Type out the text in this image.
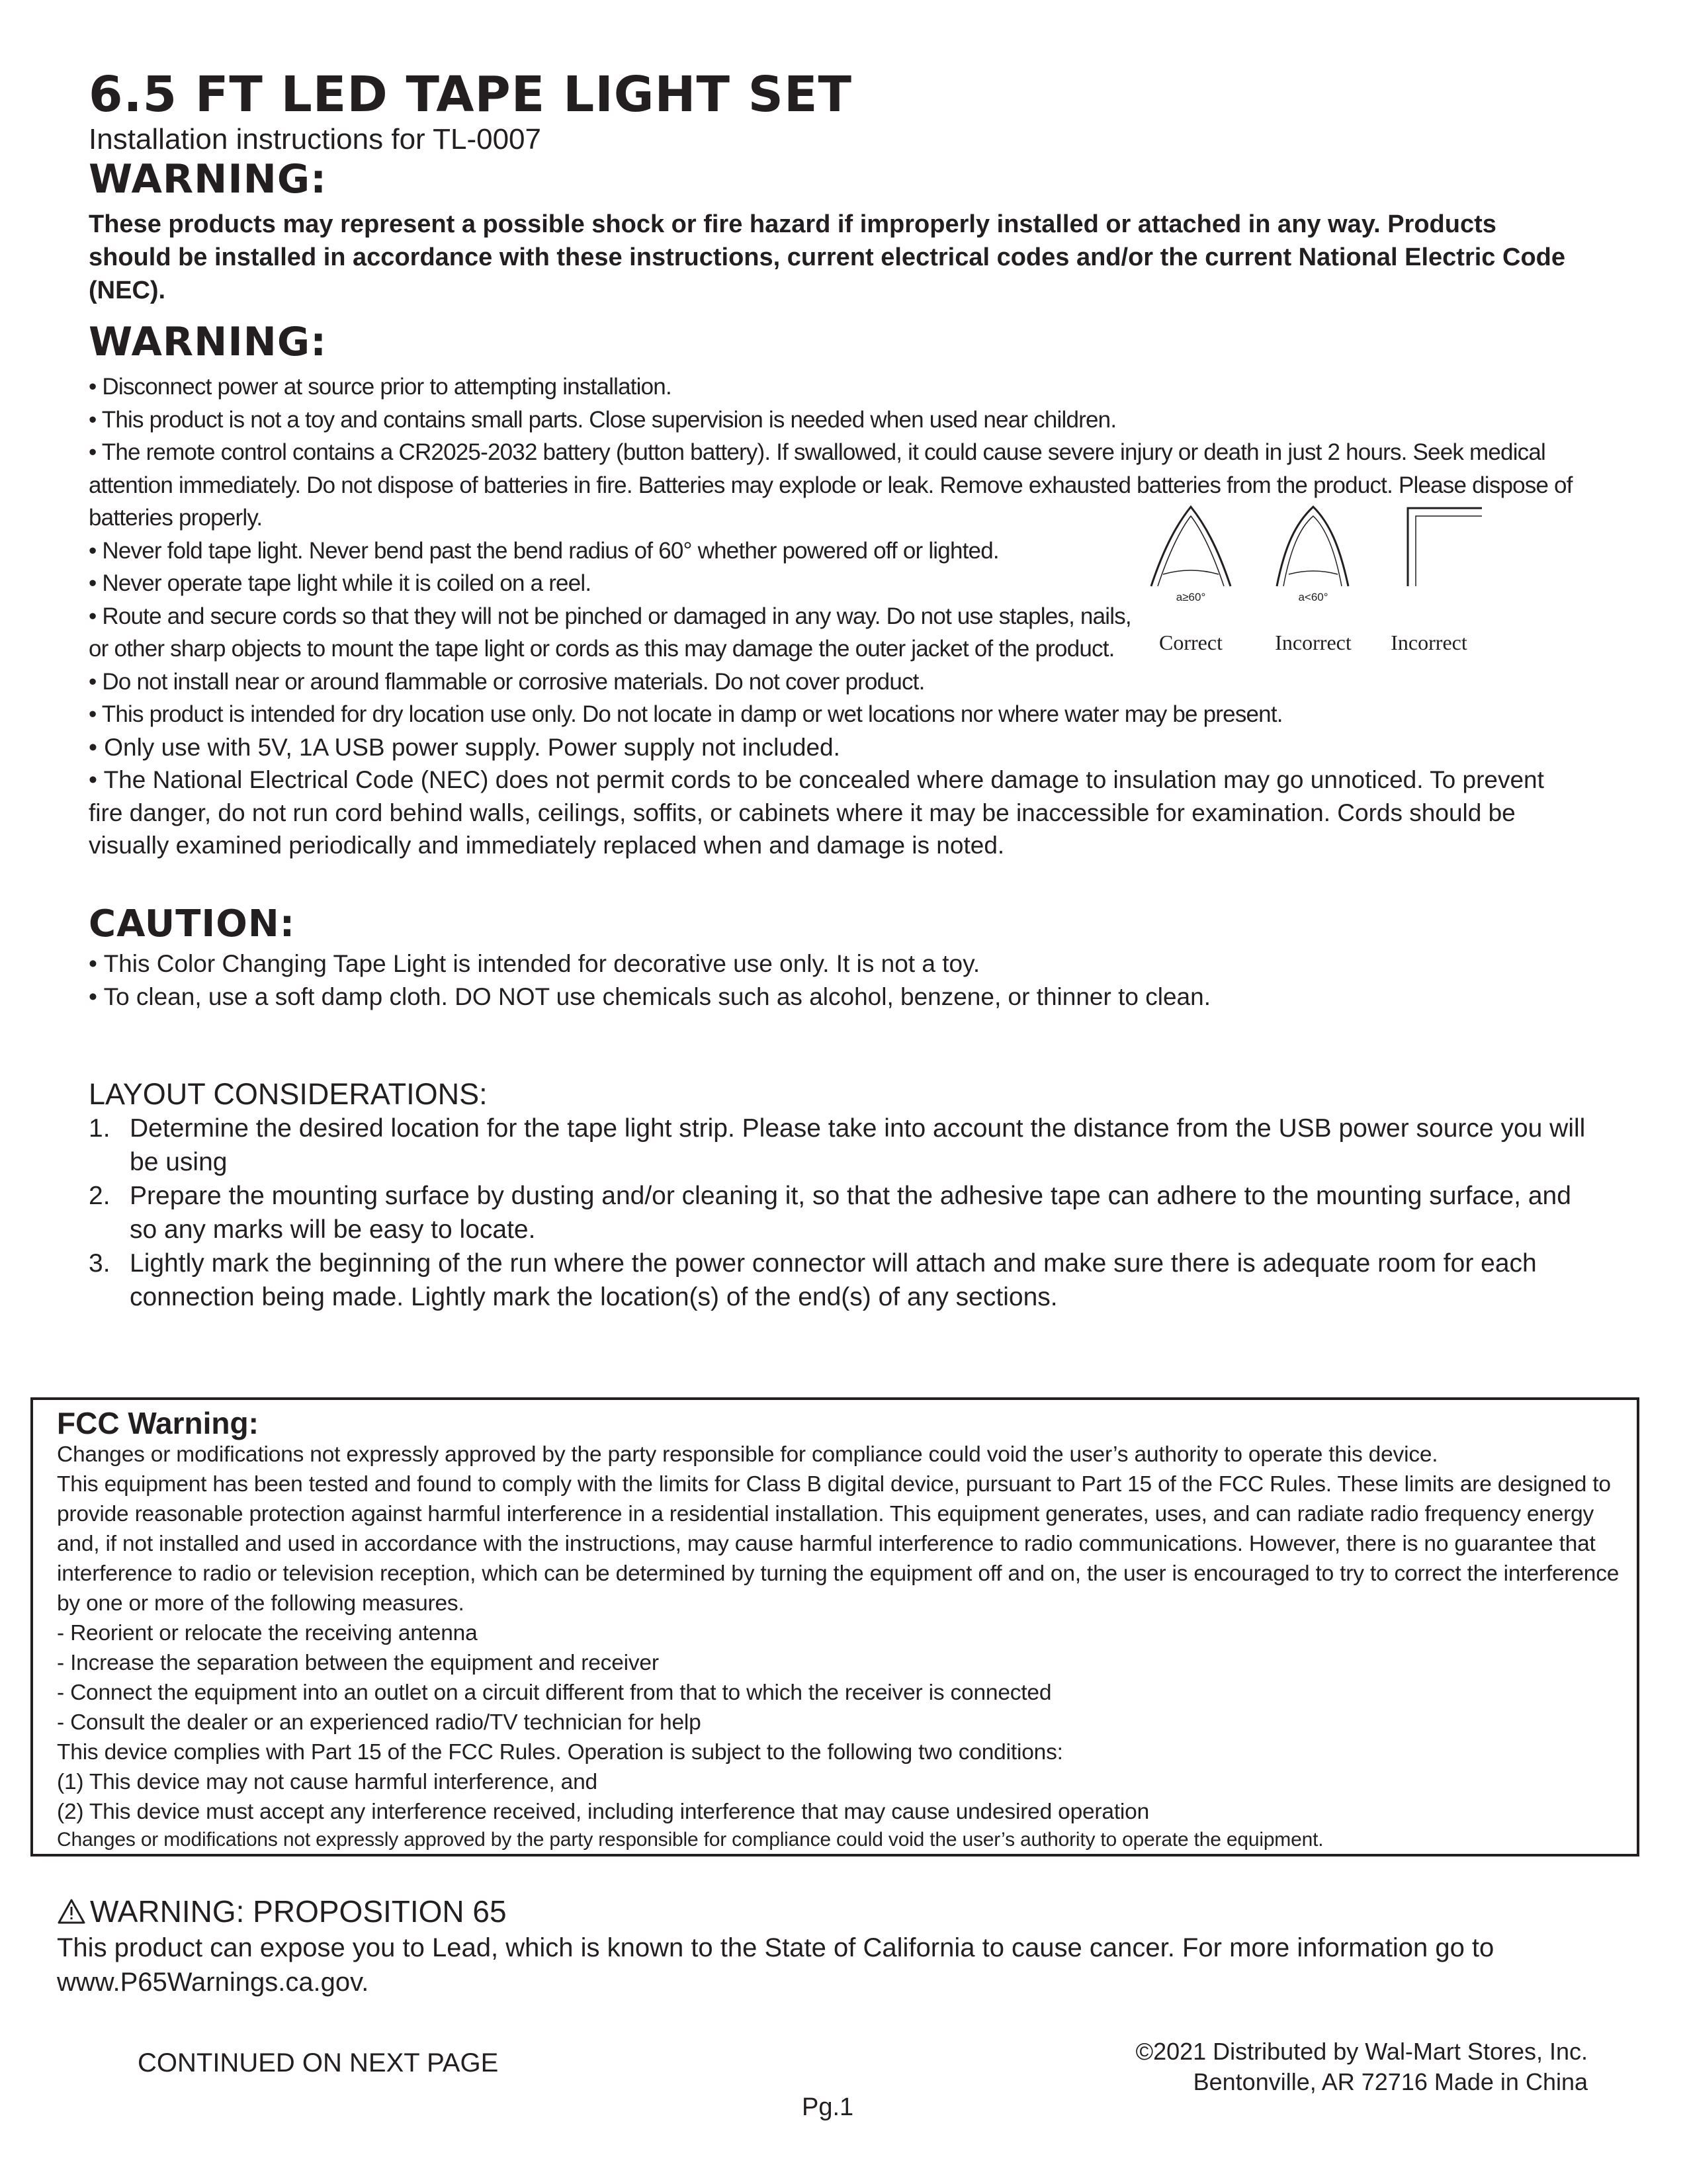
6.5 FT LED TAPE LIGHT SET
Installation instructions for TL-0007
WARNING:
These products may represent a possible shock or fire hazard if improperly installed or attached in any way. Products should be installed in accordance with these instructions, current electrical codes and/or the current National Electric Code (NEC).
WARNING:
• Disconnect power at source prior to attempting installation.
• This product is not a toy and contains small parts. Close supervision is needed when used near children.
• The remote control contains a CR2025-2032 battery (button battery). If swallowed, it could cause severe injury or death in just 2 hours. Seek medical attention immediately. Do not dispose of batteries in fire. Batteries may explode or leak. Remove exhausted batteries from the product. Please dispose of batteries properly.
• Never fold tape light. Never bend past the bend radius of 60° whether powered off or lighted.
• Never operate tape light while it is coiled on a reel.
• Route and secure cords so that they will not be pinched or damaged in any way. Do not use staples, nails, or other sharp objects to mount the tape light or cords as this may damage the outer jacket of the product.
• Do not install near or around flammable or corrosive materials. Do not cover product.
• This product is intended for dry location use only. Do not locate in damp or wet locations nor where water may be present.
• Only use with 5V, 1A USB power supply. Power supply not included.
• The National Electrical Code (NEC) does not permit cords to be concealed where damage to insulation may go unnoticed. To prevent fire danger, do not run cord behind walls, ceilings, soffits, or cabinets where it may be inaccessible for examination. Cords should be visually examined periodically and immediately replaced when and damage is noted.
a≥60°	a<60°
Correct Incorrect Incorrect
CAUTION:
• This Color Changing Tape Light is intended for decorative use only. It is not a toy.
• To clean, use a soft damp cloth. DO NOT use chemicals such as alcohol, benzene, or thinner to clean.
LAYOUT CONSIDERATIONS:
1. Determine the desired location for the tape light strip. Please take into account the distance from the USB power source you will be using
2. Prepare the mounting surface by dusting and/or cleaning it, so that the adhesive tape can adhere to the mounting surface, and so any marks will be easy to locate.
3. Lightly mark the beginning of the run where the power connector will attach and make sure there is adequate room for each connection being made. Lightly mark the location(s) of the end(s) of any sections.
FCC Warning:
Changes or modifications not expressly approved by the party responsible for compliance could void the user’s authority to operate this device.
This equipment has been tested and found to comply with the limits for Class B digital device, pursuant to Part 15 of the FCC Rules. These limits are designed to provide reasonable protection against harmful interference in a residential installation. This equipment generates, uses, and can radiate radio frequency energy and, if not installed and used in accordance with the instructions, may cause harmful interference to radio communications. However, there is no guarantee that interference to radio or television reception, which can be determined by turning the equipment off and on, the user is encouraged to try to correct the interference by one or more of the following measures.
- Reorient or relocate the receiving antenna
- Increase the separation between the equipment and receiver
- Connect the equipment into an outlet on a circuit different from that to which the receiver is connected
- Consult the dealer or an experienced radio/TV technician for help
This device complies with Part 15 of the FCC Rules. Operation is subject to the following two conditions:
(1) This device may not cause harmful interference, and
(2) This device must accept any interference received, including interference that may cause undesired operation
Changes or modifications not expressly approved by the party responsible for compliance could void the user’s authority to operate the equipment.
WARNING: PROPOSITION 65
This product can expose you to Lead, which is known to the State of California to cause cancer. For more information go to www.P65Warnings.ca.gov.
CONTINUED ON NEXT PAGE	©2021 Distributed by Wal-Mart Stores, Inc.
Bentonville, AR 72716 Made in China
Pg.1
